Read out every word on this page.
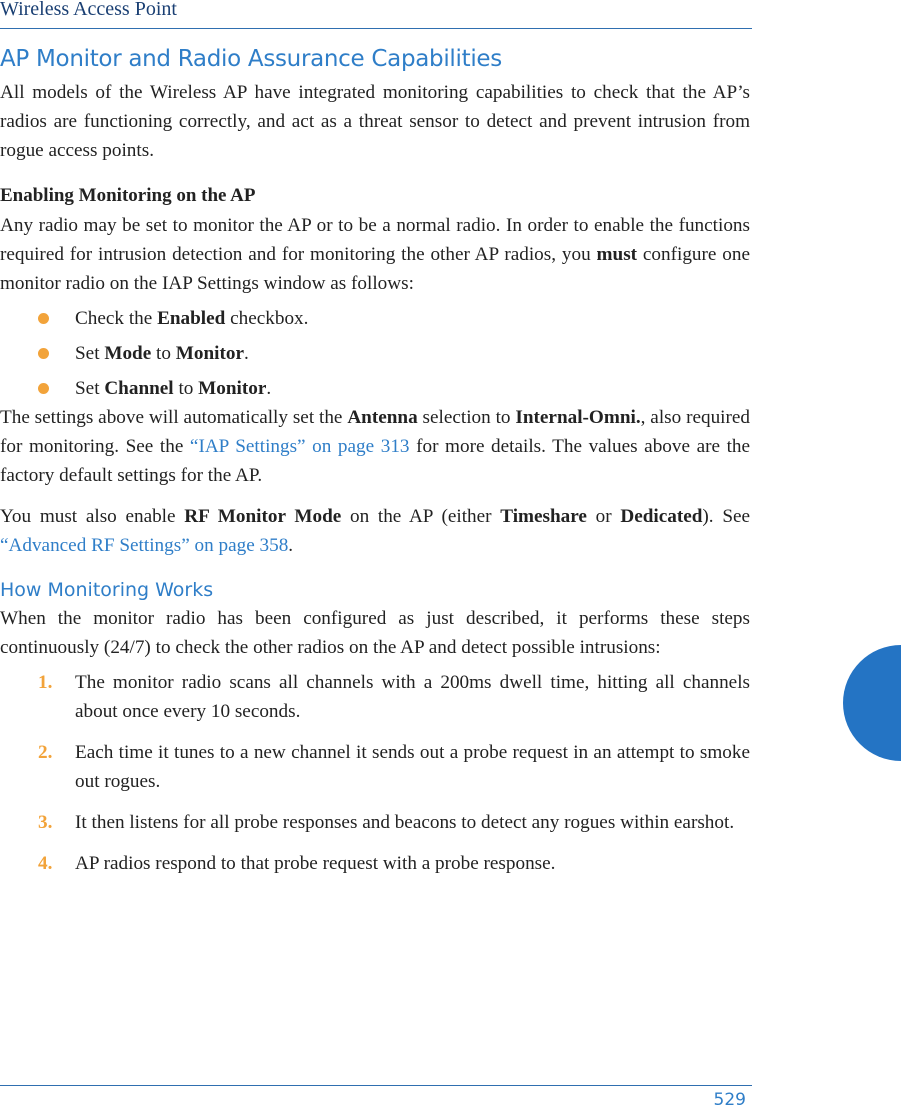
Wireless Access Point
AP Monitor and Radio Assurance Capabilities

All models of the Wireless AP have integrated monitoring capabilities to check that the AP’s radios are functioning correctly, and act as a threat sensor to detect and prevent intrusion from rogue access points.

Enabling Monitoring on the AP

Any radio may be set to monitor the AP or to be a normal radio. In order to enable the functions required for intrusion detection and for monitoring the other AP radios, you must configure one monitor radio on the IAP Settings window as follows:

Check the Enabled checkbox.
Set Mode to Monitor.
Set Channel to Monitor.

The settings above will automatically set the Antenna selection to Internal-Omni., also required for monitoring. See the “IAP Settings” on page 313 for more details. The values above are the factory default settings for the AP.

You must also enable RF Monitor Mode on the AP (either Timeshare or Dedicated). See “Advanced RF Settings” on page 358.

How Monitoring Works

When the monitor radio has been configured as just described, it performs these steps continuously (24/7) to check the other radios on the AP and detect possible intrusions:

1. The monitor radio scans all channels with a 200ms dwell time, hitting all channels about once every 10 seconds.
2. Each time it tunes to a new channel it sends out a probe request in an attempt to smoke out rogues.
3. It then listens for all probe responses and beacons to detect any rogues within earshot.
4. AP radios respond to that probe request with a probe response.
529
